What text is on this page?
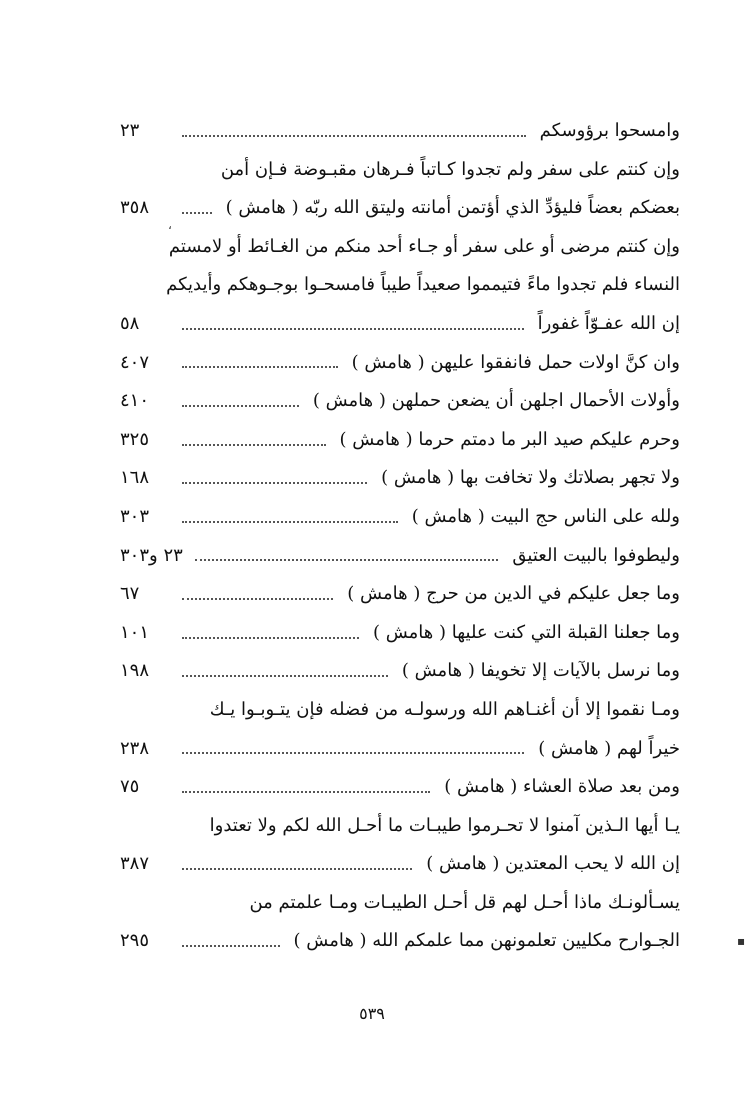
وامسحوا برؤوسكم
٢٣
وإن كنتم على سفر ولم تجدوا كـاتباً فـرهان مقبـوضة فـإن أمن
بعضكم بعضاً فليؤدِّ الذي أؤتمن أمانته وليتق الله ربّه ( هامش )
٣٥٨
وإن كنتم مرضى أو على سفر أو جـاء أحد منكم من الغـائط أو لامستم
النساء فلم تجدوا ماءً فتيمموا صعيداً طيباً فامسحـوا بوجـوهكم وأيديكم
إن الله عفـوّاً غفوراً
٥٨
وان كنَّ اولات حمل فانفقوا عليهن ( هامش )
٤٠٧
وأولات الأحمال اجلهن أن يضعن حملهن ( هامش )
٤١٠
وحرم عليكم صيد البر ما دمتم حرما ( هامش )
٣٢٥
ولا تجهر بصلاتك ولا تخافت بها ( هامش )
١٦٨
ولله على الناس حج البيت ( هامش )
٣٠٣
وليطوفوا بالبيت العتيق
٢٣ و٣٠٣
وما جعل عليكم في الدين من حرج ( هامش )
٦٧
وما جعلنا القبلة التي كنت عليها ( هامش )
١٠١
وما نرسل بالآيات إلا تخويفا ( هامش )
١٩٨
ومـا نقموا إلا أن أغنـاهم الله ورسولـه من فضله فإن يتـوبـوا يـك
خيراً لهم ( هامش )
٢٣٨
ومن بعد صلاة العشاء ( هامش )
٧٥
يـا أيها الـذين آمنوا لا تحـرموا طيبـات ما أحـل الله لكم ولا تعتدوا
إن الله لا يحب المعتدين ( هامش )
٣٨٧
يسـألونـك ماذا أحـل لهم قل أحـل الطيبـات ومـا علمتم من
الجـوارح مكليين تعلمونهن مما علمكم الله ( هامش )
٢٩٥
٥٣٩
،
▪
